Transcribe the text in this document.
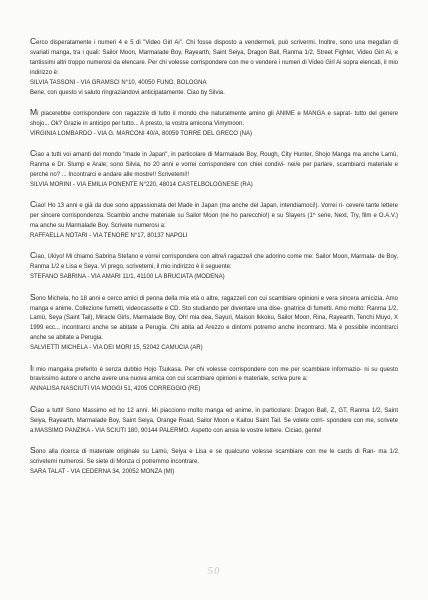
Cerco disperatamente i numeri 4 e 5 di "Video Girl Ai". Chi fosse disposto a vendermeli, può scrivermi. Inoltre, sono una megafan di svariati manga, tra i quali: Sailor Moon, Marmalade Boy, Rayearth, Saint Seiya, Dragon Ball, Ranma 1/2, Street Fighter, Video Girl Ai, e tantissimi altri troppo numerosi da elencare. Per chi volesse corrispondere con me o vendere i numeri di Video Girl Ai sopra elencati, il mio indirizzo è:
SILVIA TASSONI - VIA GRAMSCI N°10, 40050 FUNO, BOLOGNA
Bene, con questo vi saluto ringraziandovi anticipatamente. Ciao by Silvia.

Mi piacerebbe corrispondere con ragazzi/e di tutto il mondo che naturalmente amino gli ANIME e MANGA e saprat- tutto del genere shojo... Ok? Grazie in anticipo per tutto... A presto, la vostra amicona Vimymoon.
VIRGINIA LOMBARDO - VIA G. MARCONI 40/A, 80059 TORRE DEL GRECO (NA)

Ciao a tutti voi amanti del mondo "made in Japan", in particolare di Marmalade Boy, Rough, City Hunter, Shojo Manga ma anche Lamù, Ranma e Dr. Slump e Arale; sono Silvia, ho 20 anni e vorrei corrispondere con chiei condivi- nei/e per parlare, scambiarci materiale e perché no? ... Incontrarci e andare alle mostre!! Scrivetemi!!
SILVIA MORINI - VIA EMILIA PONENTE N°220, 48014 CASTELBOLOGNESE (RA)

Ciao! Ho 13 anni e già da due sono appassionata del Made in Japan (ma anche del Japan, intendiamoci!). Vorrei ri- cevere tante lettere per sincere corrispondenza. Scambio anche materiale su Sailor Moon (ne ho parecchio!) e su Slayers (1^ serie, Next, Try, film e O.A.V.) ma anche su Marmalade Boy. Scrivete numerosi a:
RAFFAELLA NOTARI - VIA TENORE N°17, 80137 NAPOLI

Ciao, Ukiyo! Mi chiamo Sabrina Stefano e vorrei corrispondere con altre/i ragazze/i che adorino come me: Sailor Moon, Marmala- de Boy, Ranma 1/2 e Lisa e Seya. Vi prego, scrivetemi, il mio indirizzo è il seguente:
STEFANO SABRINA - VIA AMARI 11/1, 41100 LA BRUCIATA (MODENA)

Sono Michela, ho 18 anni e cerco amici di penna della mia età o altre, ragazze/i con cui scambiare opinioni e vera sincera amicizia. Amo manga e anime. Collezione fumetti, videocassette e CD. Sto studiando per diventare una dise- gnatrice di fumetti. Amo molto: Ranma 1/2, Lamù, Seya (Saint Tail), Miracle Girls, Marmalade Boy, Oh! mia dea, Sayuri, Maison Ikkoku, Sailor Moon, Rina, Rayearth, Tenchi Muyo, X 1999 ecc... incontrarci anche se abitate a Perugia. Chi abita ad Arezzo e dintorni potremo anche incontrarci. Ma è possibile incontrarci anche se abitate a Perugia.
SALVIETTI MICHELA - VIA DEI MORI 15, 52042 CAMUCIA (AR)

Il mio mangaka preferito è senza dubbio Hojo Tsukasa. Per chi volesse corrispondere con me per scambiare informazio- ni su questo bravissimo autore o anche avere una nuova amica con cui scambiare opinioni e materiale, scriva pure a:
ANNALISA NASCIUTI VIA MOGGI 51, 4205 CORREGGIO (RE)

Ciao a tutti! Sono Massimo ed ho 12 anni. Mi piacciono molto manga ed anime, in particolare: Dragon Ball, Z, GT, Ranma 1/2, Saint Seiya, Rayearth, Marmalade Boy, Saint Seiya, Orange Road, Sailor Moon e Kaitou Saint Tail. Se volete corri- spondere con me, scrivete a:MASSIMO PANZIKA - VIA SCIUTI 180, 90144 PALERMO. Aspetto con ansia le vostre lettere. Ciciao, gente!

Sono alla ricerca di materiale originale su Lamù, Seiya e Lisa e se qualcuno volesse scambiare con me le cards di Ran- ma 1/2 scrivetemi numerosi. Se siete di Monza ci potremmo incontrare.
SARA TALAT - VIA CEDERNA 34, 20052 MONZA (MI)

50
